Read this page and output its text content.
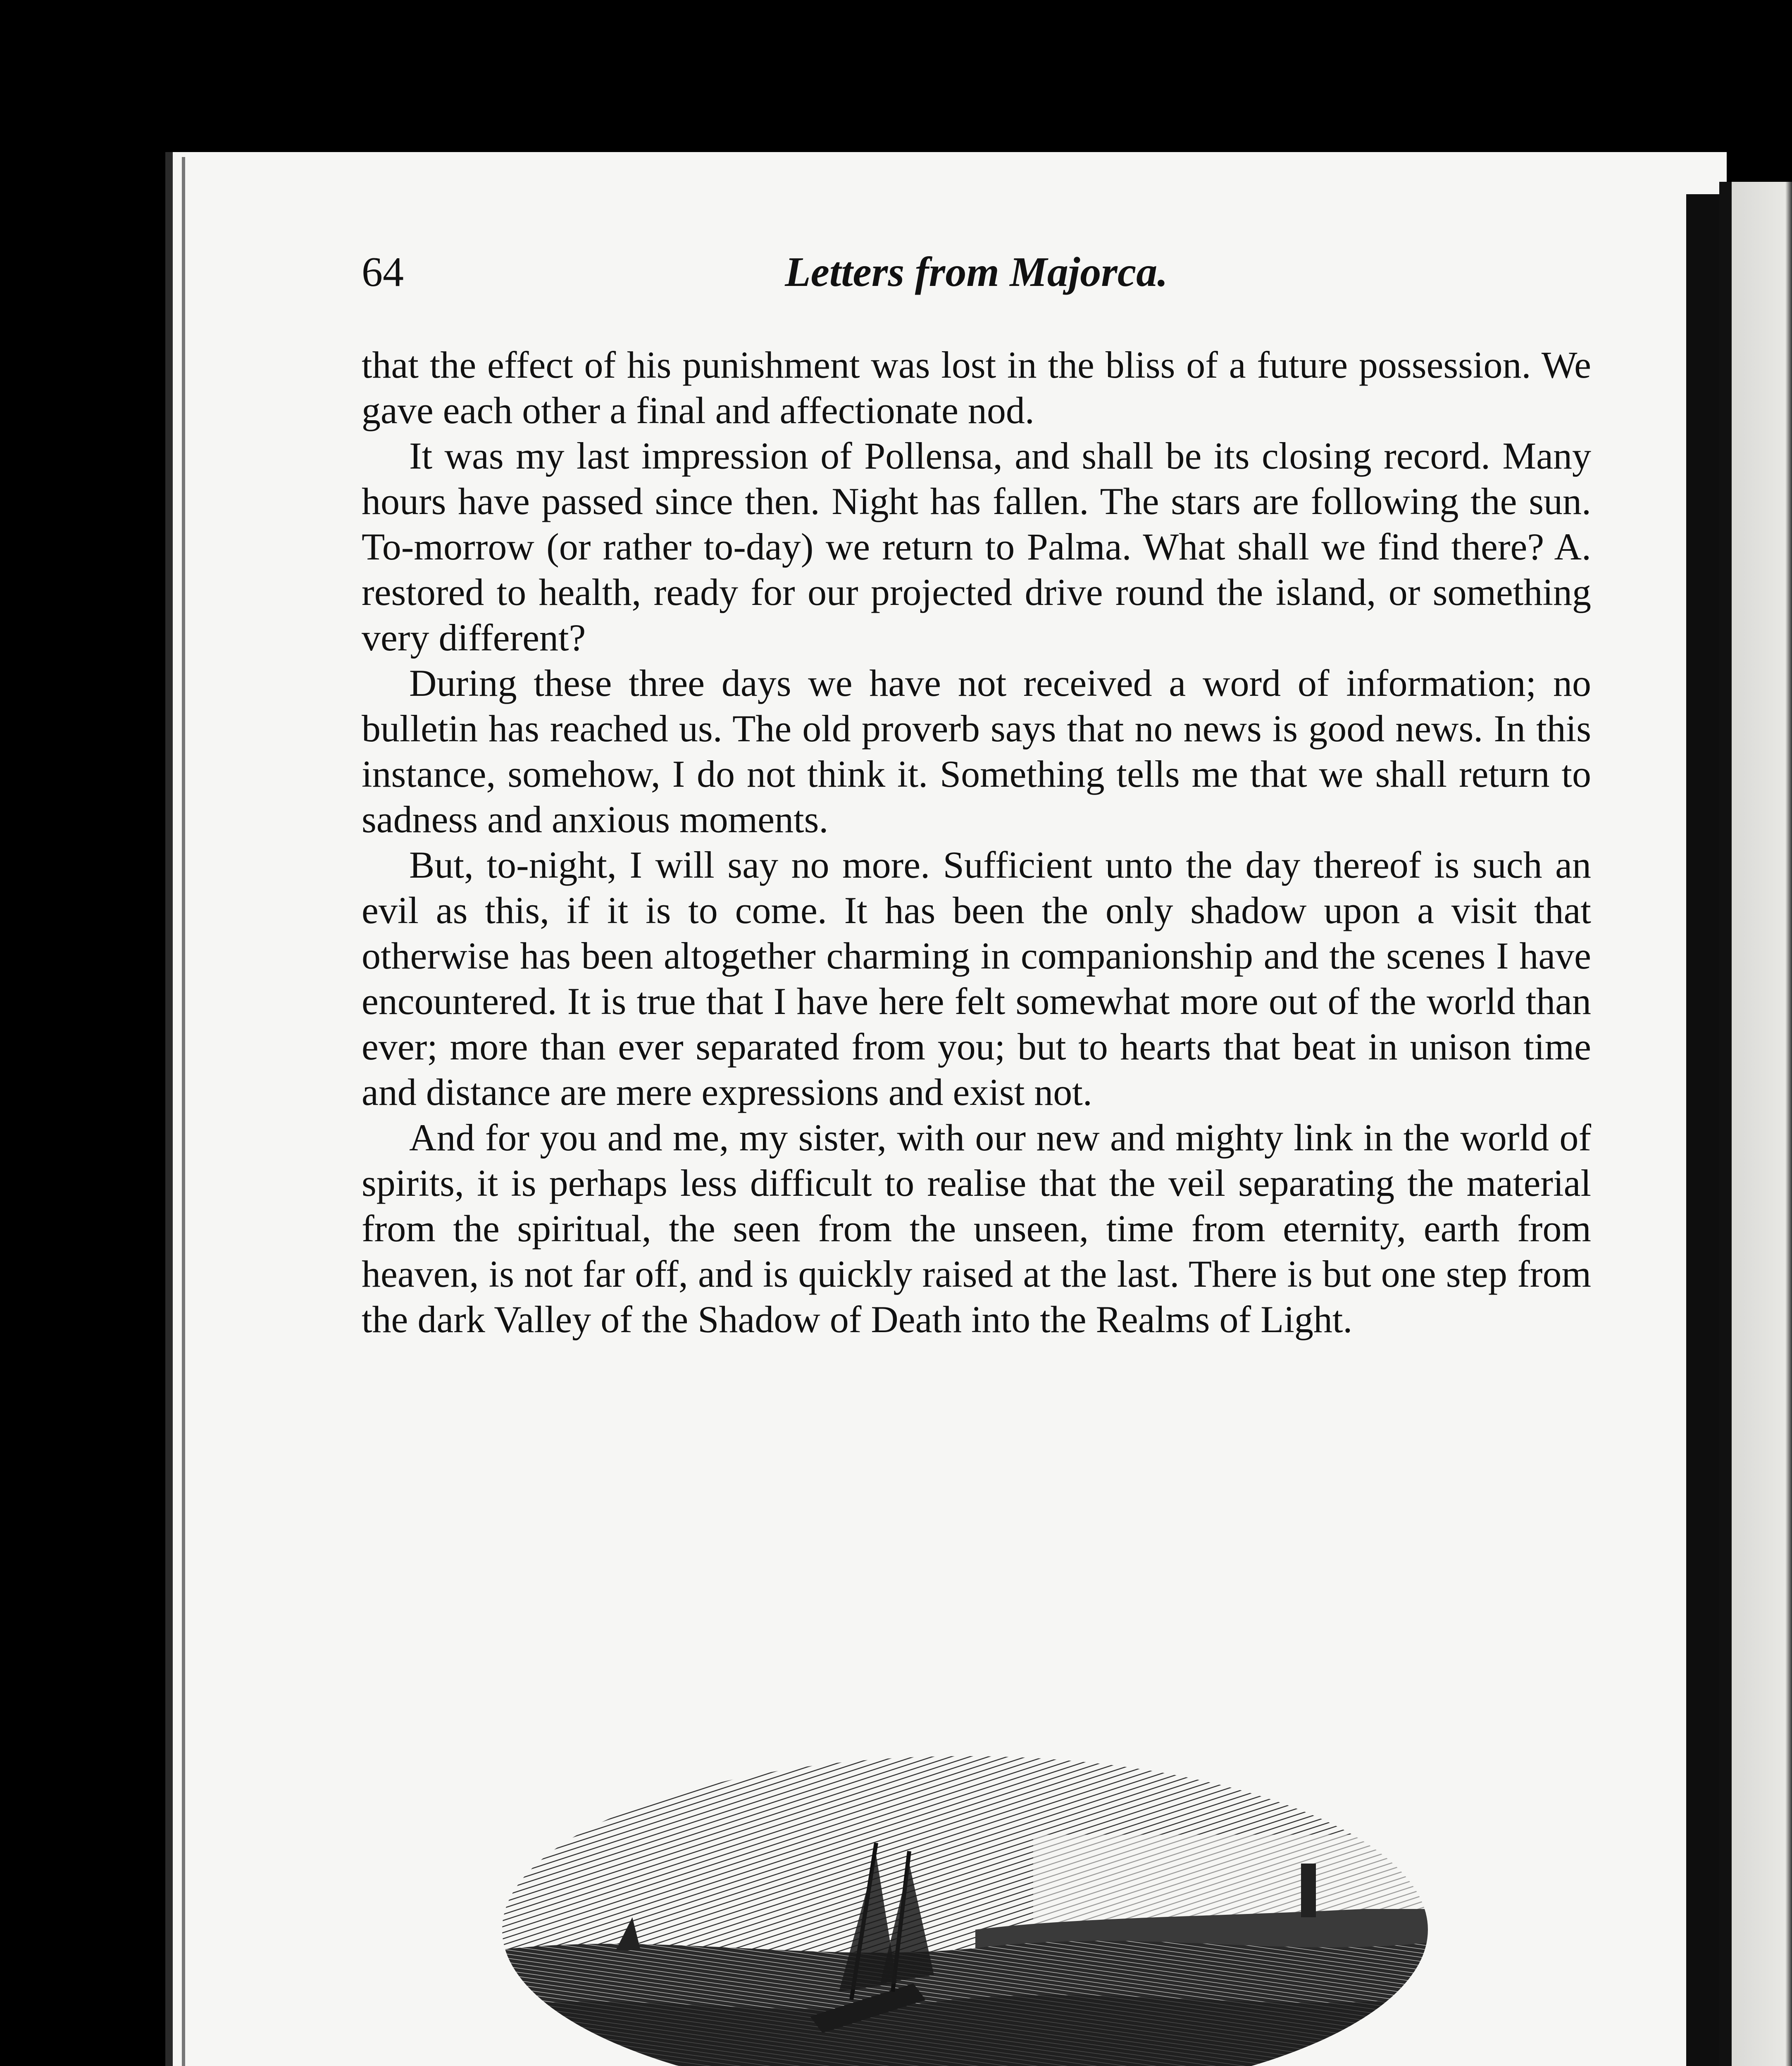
64	Letters from Majorca.

that the effect of his punishment was lost in the bliss of a future possession. We gave each other a final and affectionate nod.

It was my last impression of Pollensa, and shall be its closing record. Many hours have passed since then. Night has fallen. The stars are following the sun. To-morrow (or rather to-day) we return to Palma. What shall we find there? A. restored to health, ready for our projected drive round the island, or something very different?

During these three days we have not received a word of information; no bulletin has reached us. The old proverb says that no news is good news. In this instance, somehow, I do not think it. Something tells me that we shall return to sadness and anxious moments.

But, to-night, I will say no more. Sufficient unto the day thereof is such an evil as this, if it is to come. It has been the only shadow upon a visit that otherwise has been altogether charming in companionship and the scenes I have encountered. It is true that I have here felt somewhat more out of the world than ever; more than ever separated from you; but to hearts that beat in unison time and distance are mere expressions and exist not.

And for you and me, my sister, with our new and mighty link in the world of spirits, it is perhaps less difficult to realise that the veil separating the material from the spiritual, the seen from the unseen, time from eternity, earth from heaven, is not far off, and is quickly raised at the last. There is but one step from the dark Valley of the Shadow of Death into the Realms of Light.
